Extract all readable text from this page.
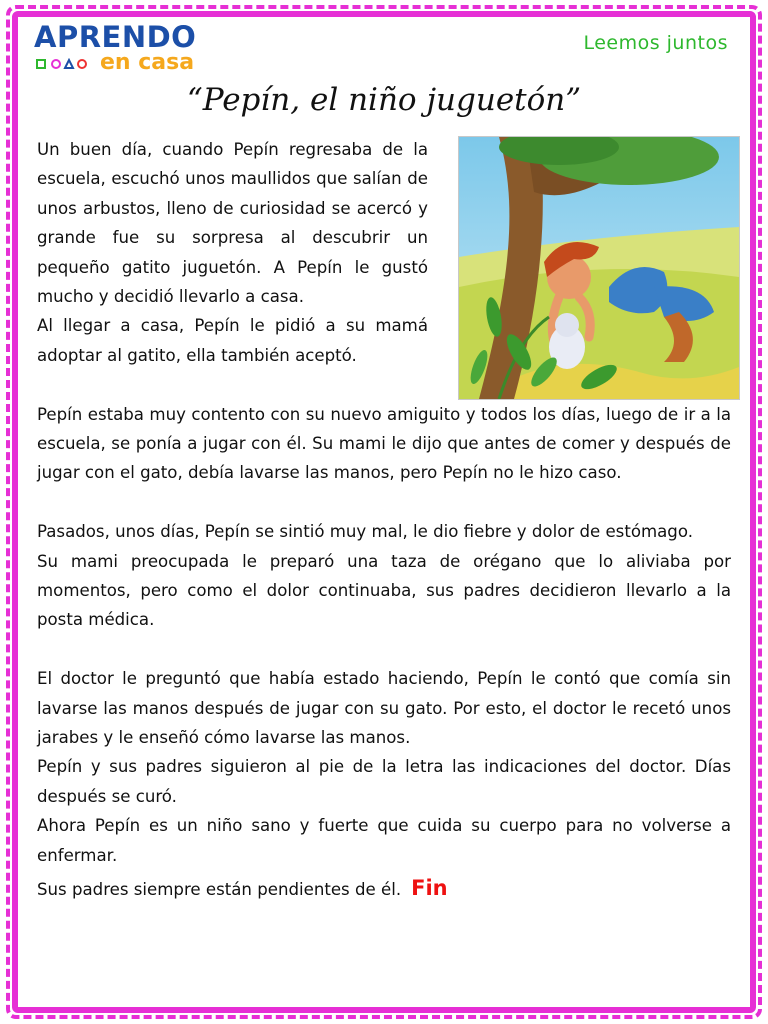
APRENDO
en casa
Leemos juntos
“Pepín, el niño juguetón”

Un buen día, cuando Pepín regresaba de la escuela, escuchó unos maullidos que salían de unos arbustos, lleno de curiosidad se acercó y grande fue su sorpresa al descubrir un pequeño gatito juguetón. A Pepín le gustó mucho y decidió llevarlo a casa.

Al llegar a casa, Pepín le pidió a su mamá adoptar al gatito, ella también aceptó.

Pepín estaba muy contento con su nuevo amiguito y todos los días, luego de ir a la escuela, se ponía a jugar con él. Su mami le dijo que antes de comer y después de jugar con el gato, debía lavarse las manos, pero Pepín no le hizo caso.

Pasados, unos días, Pepín se sintió muy mal, le dio fiebre y dolor de estómago.

Su mami preocupada le preparó una taza de orégano que lo aliviaba por momentos, pero como el dolor continuaba, sus padres decidieron llevarlo a la posta médica.

El doctor le preguntó que había estado haciendo, Pepín le contó que comía sin lavarse las manos después de jugar con su gato. Por esto, el doctor le recetó unos jarabes y le enseñó cómo lavarse las manos.

Pepín y sus padres siguieron al pie de la letra las indicaciones del doctor. Días después se curó.

Ahora Pepín es un niño sano y fuerte que cuida su cuerpo para no volverse a enfermar.

Sus padres siempre están pendientes de él. Fin
